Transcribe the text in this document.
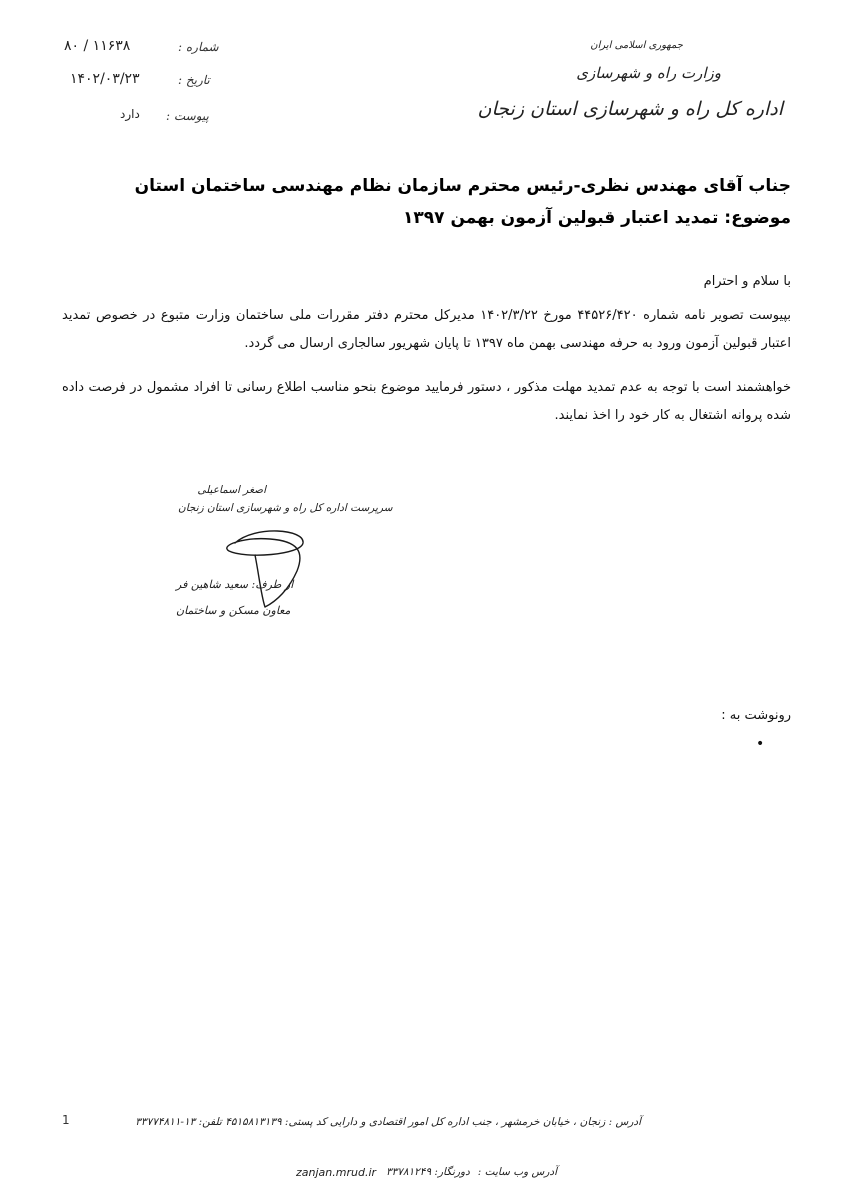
جمهوری اسلامی ایران
وزارت راه و شهرسازی
اداره کل راه و شهرسازی استان زنجان
شماره :
۱۱۶۳۸ / ۸۰
تاریخ :
۱۴۰۲/۰۳/۲۳
پیوست :
دارد
جناب آقای مهندس نظری-رئیس محترم سازمان نظام مهندسی ساختمان استان
موضوع: تمدید اعتبار قبولین آزمون بهمن ۱۳۹۷
با سلام و احترام
بپیوست تصویر نامه شماره ۴۴۵۲۶/۴۲۰ مورخ ۱۴۰۲/۳/۲۲ مدیرکل محترم دفتر مقررات ملی ساختمان وزارت متبوع در خصوص تمدید اعتبار قبولین آزمون ورود به حرفه مهندسی بهمن ماه ۱۳۹۷ تا پایان شهریور سالجاری ارسال می گردد.
خواهشمند است با توجه به عدم تمدید مهلت مذکور ، دستور فرمایید موضوع بنحو مناسب اطلاع رسانی تا افراد مشمول در فرصت داده شده پروانه اشتغال به کار خود را اخذ نمایند.
اصغر اسماعیلی
سرپرست اداره کل راه و شهرسازی استان زنجان
از طرف: سعید شاهین فر
معاون مسکن و ساختمان
رونوشت به :
•
1	آدرس : زنجان ، خیابان خرمشهر ، جنب اداره کل امور اقتصادی و دارایی کد پستی: ۴۵۱۵۸۱۳۱۳۹ تلفن: ۱۳-۳۳۷۷۴۸۱۱
آدرس وب سایت :
دورنگار: ۳۳۷۸۱۲۴۹
zanjan.mrud.ir
